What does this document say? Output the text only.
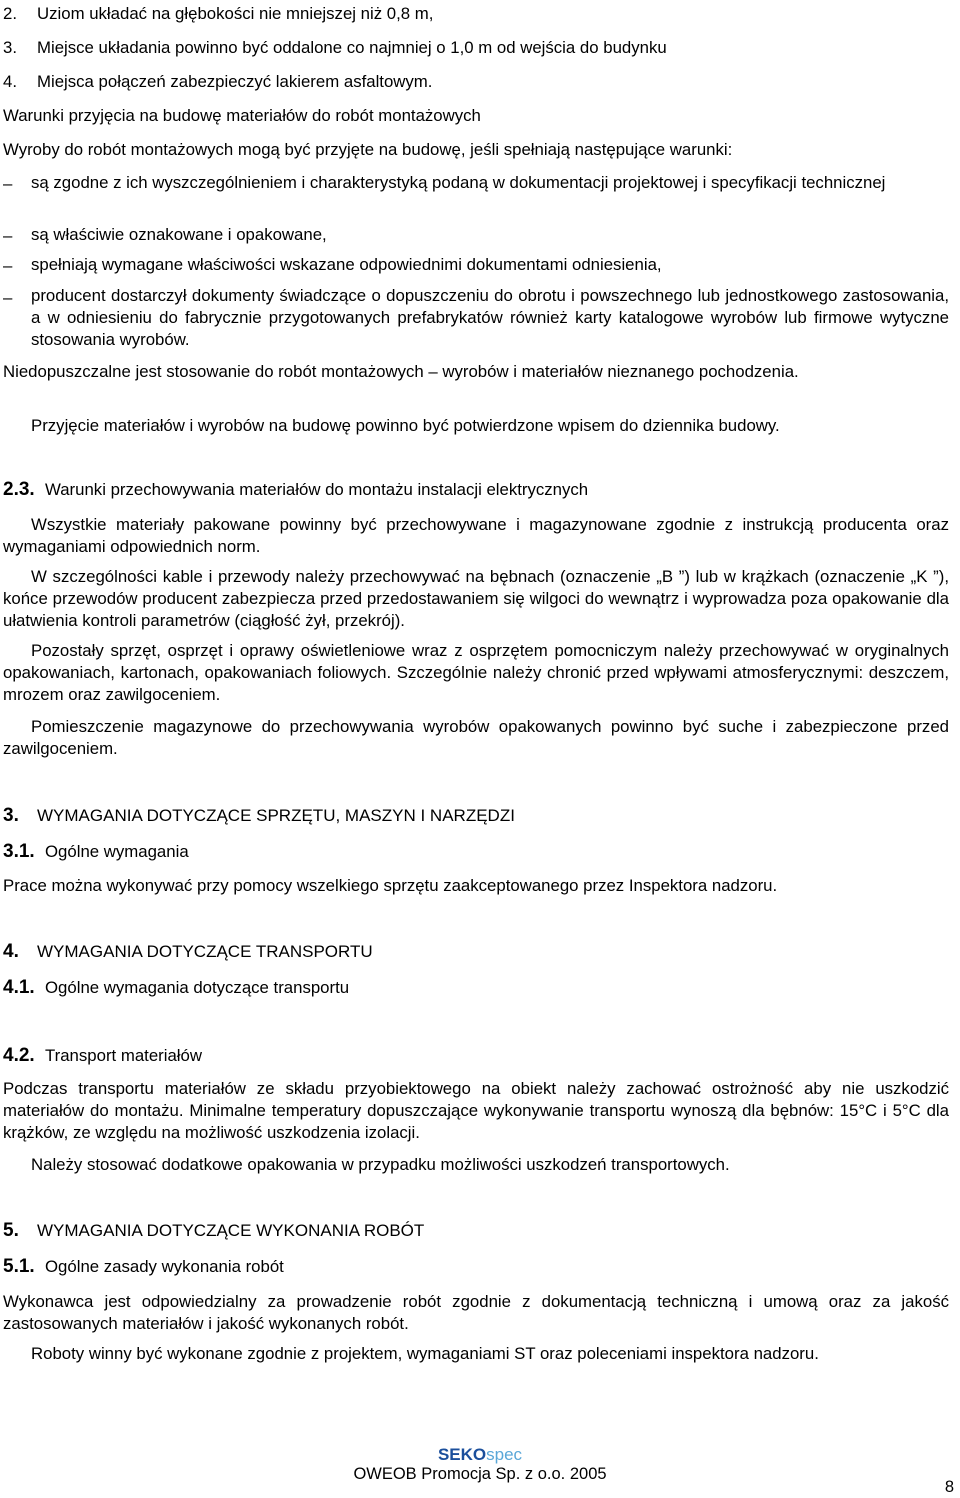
2. Uziom układać na głębokości nie mniejszej niż 0,8 m,
3. Miejsce układania powinno być oddalone co najmniej o 1,0 m od wejścia do budynku
4. Miejsca połączeń zabezpieczyć lakierem asfaltowym.
Warunki przyjęcia na budowę materiałów do robót montażowych
Wyroby do robót montażowych mogą być przyjęte na budowę, jeśli spełniają następujące warunki:
–	są zgodne z ich wyszczególnieniem i charakterystyką podaną w dokumentacji projektowej i specyfikacji technicznej
–	są właściwie oznakowane i opakowane,
–	spełniają wymagane właściwości wskazane odpowiednimi dokumentami odniesienia,
–	producent dostarczył dokumenty świadczące o dopuszczeniu do obrotu i powszechnego lub jednostkowego zastosowania, a w odniesieniu do fabrycznie przygotowanych prefabrykatów również karty katalogowe wyrobów lub firmowe wytyczne stosowania wyrobów.
Niedopuszczalne jest stosowanie do robót montażowych – wyrobów i materiałów nieznanego pochodzenia.
Przyjęcie materiałów i wyrobów na budowę powinno być potwierdzone wpisem do dziennika budowy.
2.3. Warunki przechowywania materiałów do montażu instalacji elektrycznych
Wszystkie materiały pakowane powinny być przechowywane i magazynowane zgodnie z instrukcją producenta oraz wymaganiami odpowiednich norm.
W szczególności kable i przewody należy przechowywać na bębnach (oznaczenie „B ”) lub w krążkach (oznaczenie „K ”), końce przewodów producent zabezpiecza przed przedostawaniem się wilgoci do wewnątrz i wyprowadza poza opakowanie dla ułatwienia kontroli parametrów (ciągłość żył, przekrój).
Pozostały sprzęt, osprzęt i oprawy oświetleniowe wraz z osprzętem pomocniczym należy przechowywać w oryginalnych opakowaniach, kartonach, opakowaniach foliowych. Szczególnie należy chronić przed wpływami atmosferycznymi: deszczem, mrozem oraz zawilgoceniem.
Pomieszczenie magazynowe do przechowywania wyrobów opakowanych powinno być suche i zabezpieczone przed zawilgoceniem.
3. WYMAGANIA DOTYCZĄCE SPRZĘTU, MASZYN I NARZĘDZI
3.1. Ogólne wymagania
Prace można wykonywać przy pomocy wszelkiego sprzętu zaakceptowanego przez Inspektora nadzoru.
4. WYMAGANIA DOTYCZĄCE TRANSPORTU
4.1. Ogólne wymagania dotyczące transportu
4.2. Transport materiałów
Podczas transportu materiałów ze składu przyobiektowego na obiekt należy zachować ostrożność aby nie uszkodzić materiałów do montażu. Minimalne temperatury dopuszczające wykonywanie transportu wynoszą dla bębnów: 15°C i 5°C dla krążków, ze względu na możliwość uszkodzenia izolacji.
Należy stosować dodatkowe opakowania w przypadku możliwości uszkodzeń transportowych.
5. WYMAGANIA DOTYCZĄCE WYKONANIA ROBÓT
5.1. Ogólne zasady wykonania robót
Wykonawca jest odpowiedzialny za prowadzenie robót zgodnie z dokumentacją techniczną i umową oraz za jakość zastosowanych materiałów i jakość wykonanych robót.
Roboty winny być wykonane zgodnie z projektem, wymaganiami ST oraz poleceniami inspektora nadzoru.
SEKOspec
OWEOB Promocja Sp. z o.o. 2005
8
